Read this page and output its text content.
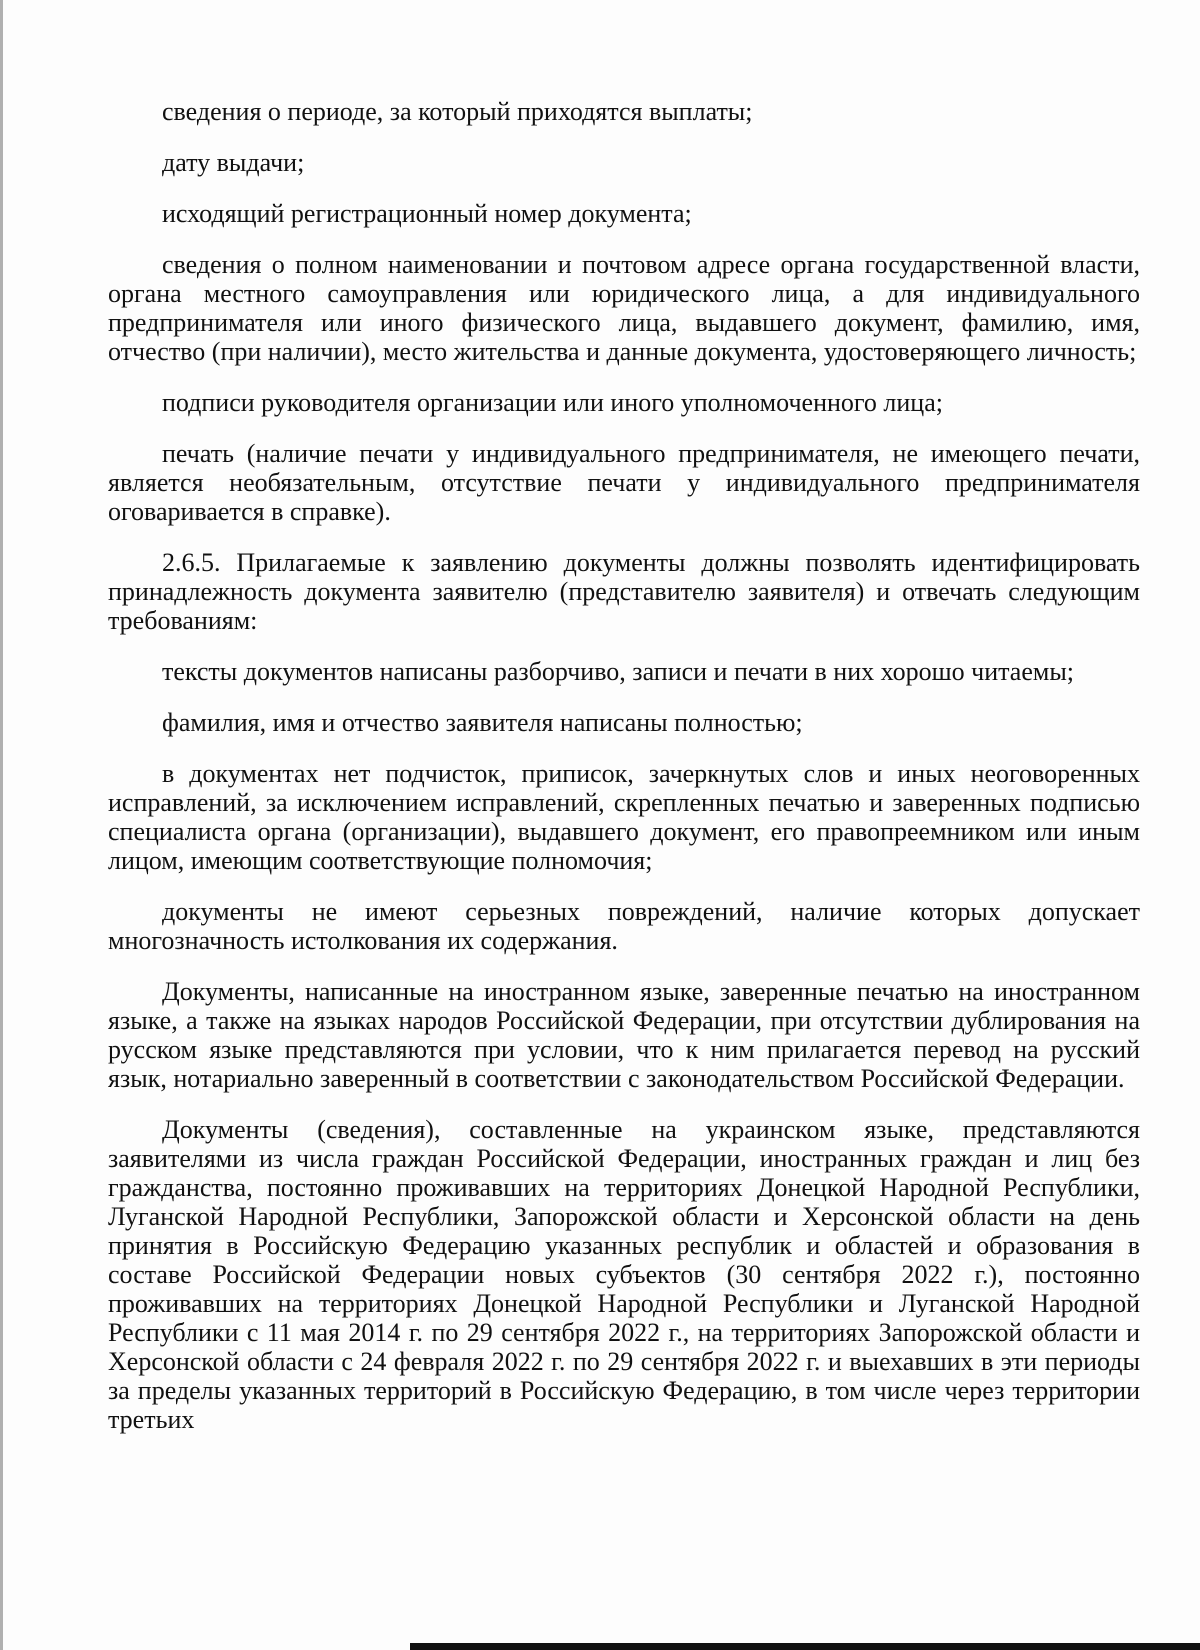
сведения о периоде, за который приходятся выплаты;

дату выдачи;

исходящий регистрационный номер документа;

сведения о полном наименовании и почтовом адресе органа государственной власти, органа местного самоуправления или юридического лица, а для индивидуального предпринимателя или иного физического лица, выдавшего документ, фамилию, имя, отчество (при наличии), место жительства и данные документа, удостоверяющего личность;

подписи руководителя организации или иного уполномоченного лица;

печать (наличие печати у индивидуального предпринимателя, не имеющего печати, является необязательным, отсутствие печати у индивидуального предпринимателя оговаривается в справке).

2.6.5. Прилагаемые к заявлению документы должны позволять идентифицировать принадлежность документа заявителю (представителю заявителя) и отвечать следующим требованиям:

тексты документов написаны разборчиво, записи и печати в них хорошо читаемы;

фамилия, имя и отчество заявителя написаны полностью;

в документах нет подчисток, приписок, зачеркнутых слов и иных неоговоренных исправлений, за исключением исправлений, скрепленных печатью и заверенных подписью специалиста органа (организации), выдавшего документ, его правопреемником или иным лицом, имеющим соответствующие полномочия;

документы не имеют серьезных повреждений, наличие которых допускает многозначность истолкования их содержания.

Документы, написанные на иностранном языке, заверенные печатью на иностранном языке, а также на языках народов Российской Федерации, при отсутствии дублирования на русском языке представляются при условии, что к ним прилагается перевод на русский язык, нотариально заверенный в соответствии с законодательством Российской Федерации.

Документы (сведения), составленные на украинском языке, представляются заявителями из числа граждан Российской Федерации, иностранных граждан и лиц без гражданства, постоянно проживавших на территориях Донецкой Народной Республики, Луганской Народной Республики, Запорожской области и Херсонской области на день принятия в Российскую Федерацию указанных республик и областей и образования в составе Российской Федерации новых субъектов (30 сентября 2022 г.), постоянно проживавших на территориях Донецкой Народной Республики и Луганской Народной Республики с 11 мая 2014 г. по 29 сентября 2022 г., на территориях Запорожской области и Херсонской области с 24 февраля 2022 г. по 29 сентября 2022 г. и выехавших в эти периоды за пределы указанных территорий в Российскую Федерацию, в том числе через территории третьих
